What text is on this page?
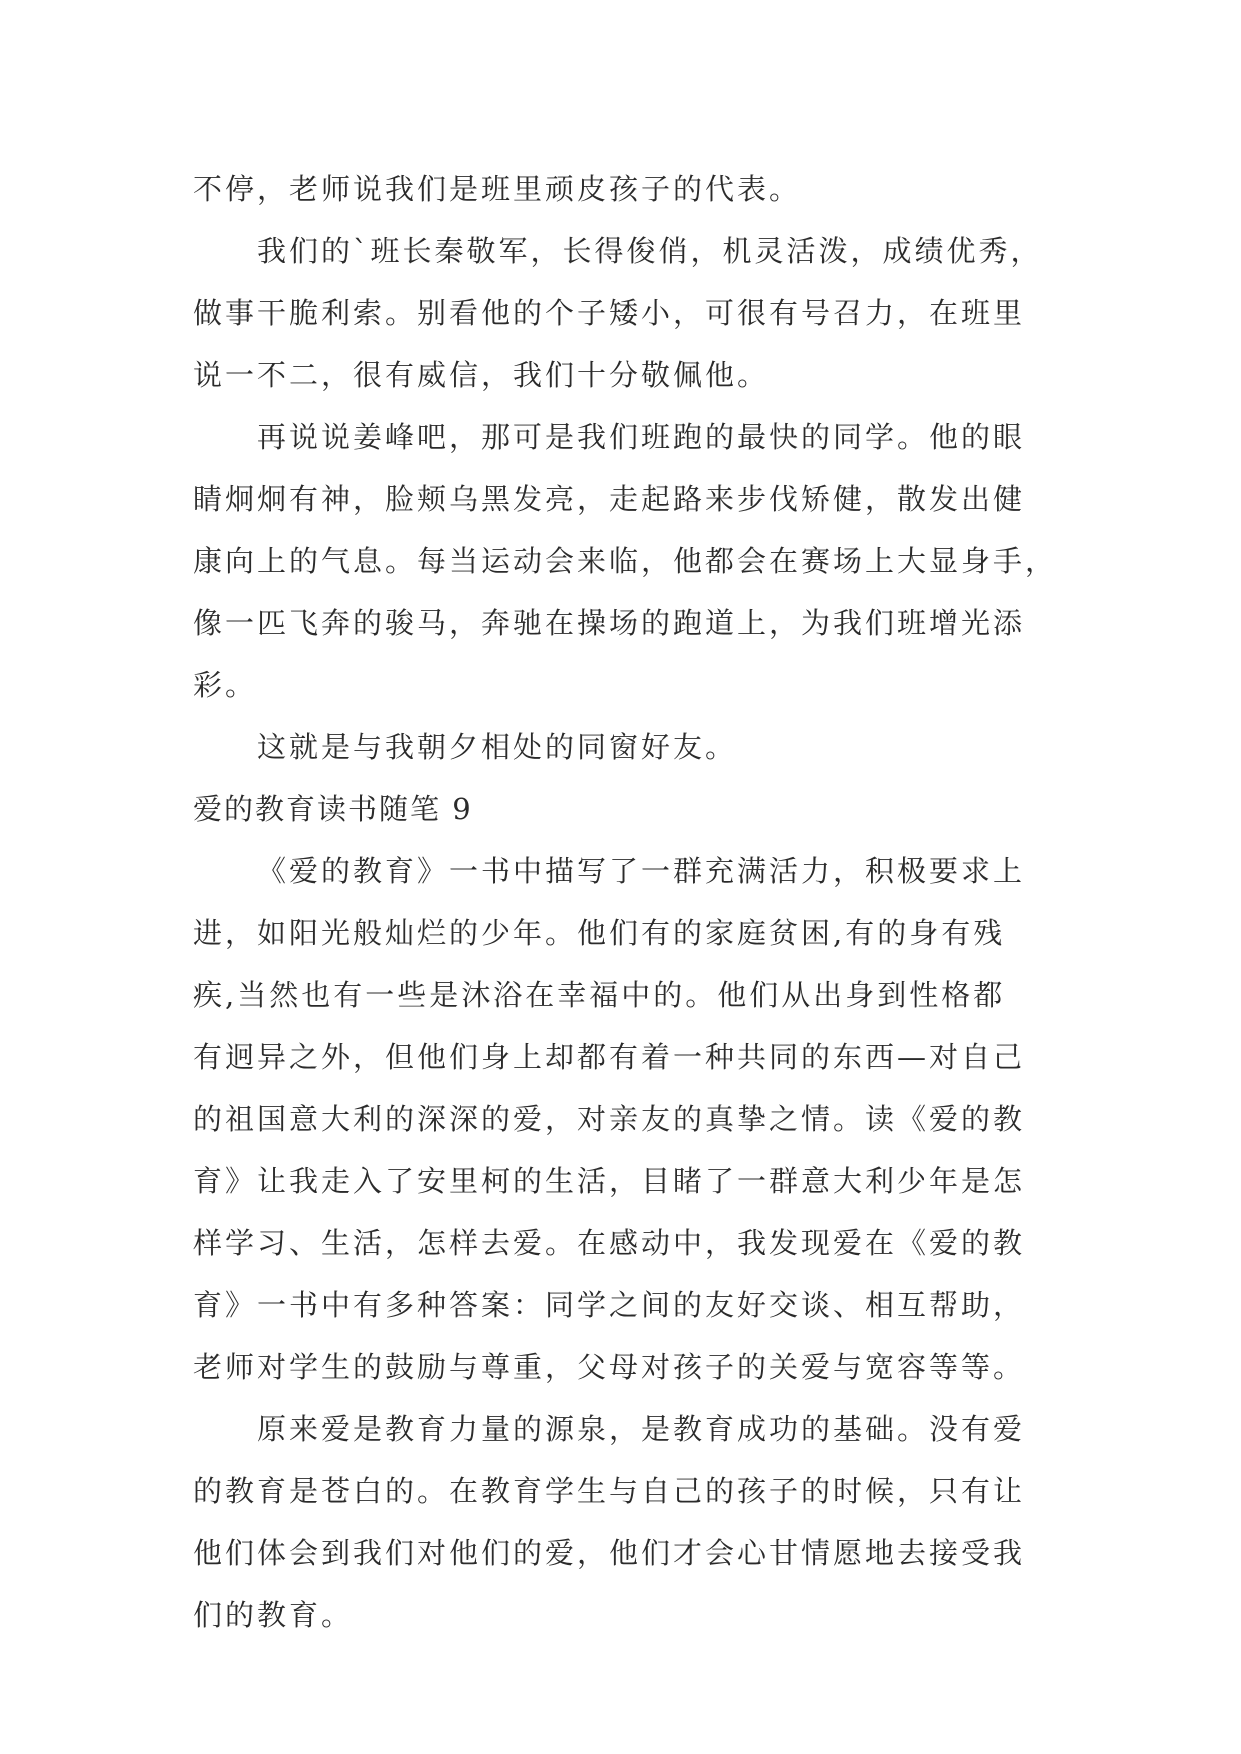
不停，老师说我们是班里顽皮孩子的代表。
我们的`班长秦敬军，长得俊俏，机灵活泼，成绩优秀，
做事干脆利索。别看他的个子矮小，可很有号召力，在班里
说一不二，很有威信，我们十分敬佩他。
再说说姜峰吧，那可是我们班跑的最快的同学。他的眼
睛炯炯有神，脸颊乌黑发亮，走起路来步伐矫健，散发出健
康向上的气息。每当运动会来临，他都会在赛场上大显身手，
像一匹飞奔的骏马，奔驰在操场的跑道上，为我们班增光添
彩。
这就是与我朝夕相处的同窗好友。
爱的教育读书随笔 9
《爱的教育》一书中描写了一群充满活力，积极要求上
进，如阳光般灿烂的少年。他们有的家庭贫困,有的身有残
疾,当然也有一些是沐浴在幸福中的。他们从出身到性格都
有迥异之外，但他们身上却都有着一种共同的东西—对自己
的祖国意大利的深深的爱，对亲友的真挚之情。读《爱的教
育》让我走入了安里柯的生活，目睹了一群意大利少年是怎
样学习、生活，怎样去爱。在感动中，我发现爱在《爱的教
育》一书中有多种答案：同学之间的友好交谈、相互帮助，
老师对学生的鼓励与尊重，父母对孩子的关爱与宽容等等。
原来爱是教育力量的源泉，是教育成功的基础。没有爱
的教育是苍白的。在教育学生与自己的孩子的时候，只有让
他们体会到我们对他们的爱，他们才会心甘情愿地去接受我
们的教育。
